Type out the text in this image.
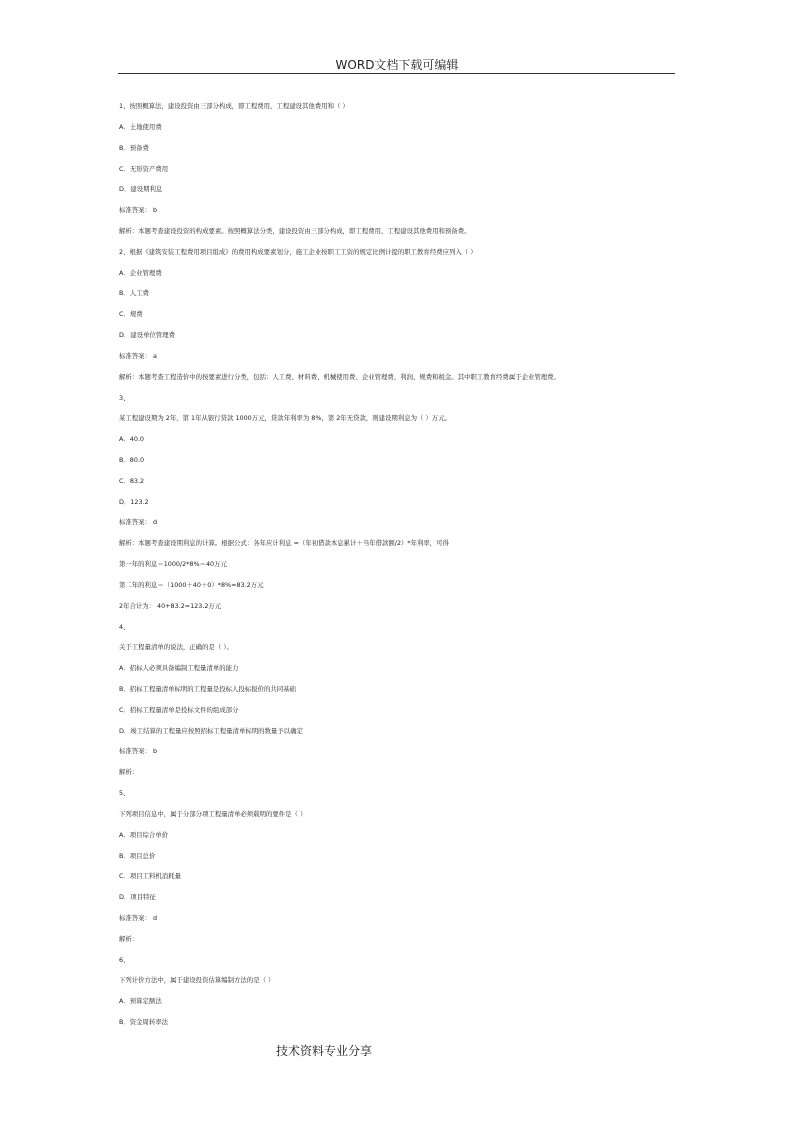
WORD文档下载可编辑
1、按照概算法，建设投资由三部分构成，即工程费用、工程建设其他费用和（ ）
A．土地使用费
B．预备费
C．无形资产费用
D．建设期利息
标准答案： b
解析：本题考查建设投资的构成要素。按照概算法分类，建设投资由三部分构成，即工程费用、工程建设其他费用和预备费。
2、根据《建筑安装工程费用项目组成》的费用构成要素划分，施工企业按职工工资的规定比例计提的职工教育经费应列入（ ）
A．企业管理费
B．人工费
C．规费
D．建设单位管理费
标准答案： a
解析：本题考查工程造价中的按要素进行分类，包括：人工费、材料费、机械使用费、企业管理费、利润、规费和税金。其中职工教育经费属于企业管理费。
3、
某工程建设期为 2年，第 1年从银行贷款 1000万元，贷款年利率为 8%，第 2年无贷款，则建设期利息为（ ）万元。
A．40.0
B．80.0
C．83.2
D．123.2
标准答案： d
解析：本题考查建设期利息的计算。根据公式：各年应计利息 =（年初借款本息累计＋当年借款额/2）*年利率，可得
第一年的利息＝1000/2*8%＝40万元
第二年的利息＝（1000＋40＋0）*8%=83.2万元
2年合计为： 40+83.2=123.2万元
4、
关于工程量清单的说法，正确的是（ ）。
A．招标人必须具备编制工程量清单的能力
B．招标工程量清单标明的工程量是投标人投标报价的共同基础
C．招标工程量清单是投标文件的组成部分
D．竣工结算的工程量应按照招标工程量清单标明的数量予以确定
标准答案： b
解析：
5、
下列项目信息中，属于分部分项工程量清单必须载明的要件是（ ）
A．项目综合单价
B．项目总价
C．项目工料机消耗量
D．项目特征
标准答案： d
解析：
6、
下列计价方法中，属于建设投资估算编制方法的是（ ）
A．预算定额法
B．资金周转率法
技术资料专业分享
